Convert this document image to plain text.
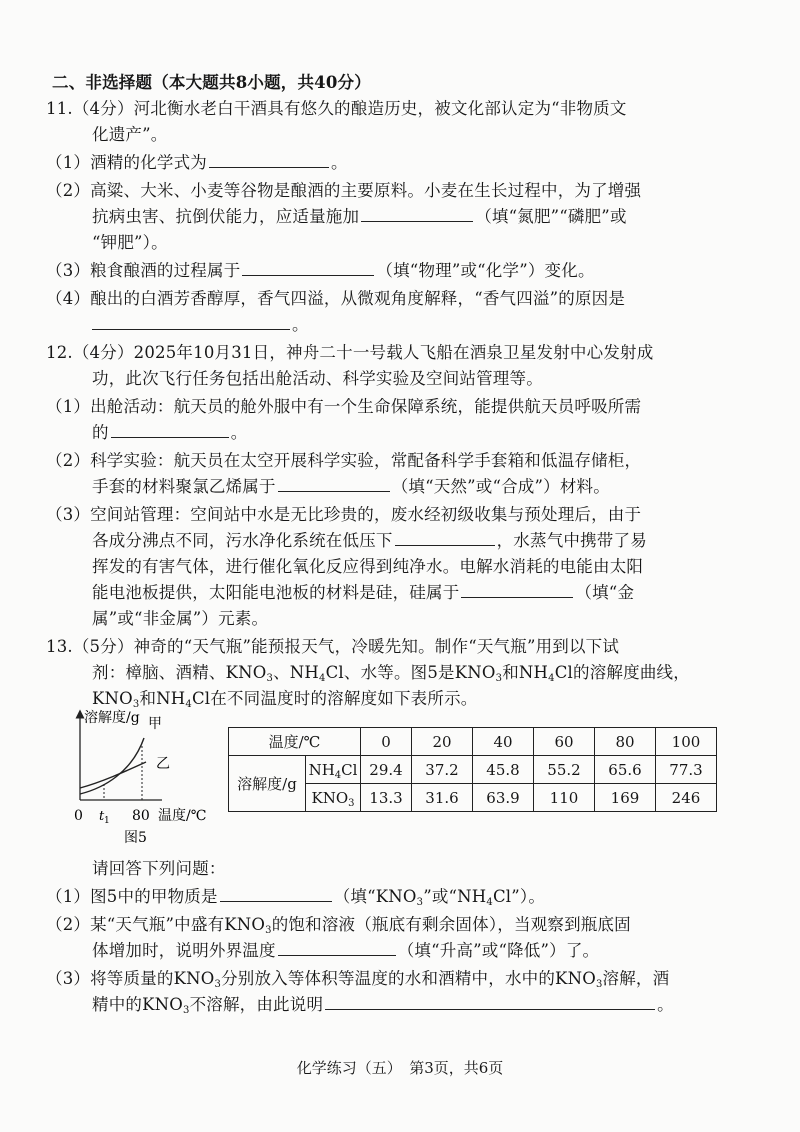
二、非选择题（本大题共8小题，共40分）
11.（4分）河北衡水老白干酒具有悠久的酿造历史，被文化部认定为“非物质文
化遗产”。
（1）酒精的化学式为	。
（2）高粱、大米、小麦等谷物是酿酒的主要原料。小麦在生长过程中，为了增强
抗病虫害、抗倒伏能力，应适量施加	（填“氮肥”“磷肥”或
“钾肥”）。
（3）粮食酿酒的过程属于	（填“物理”或“化学”）变化。
（4）酿出的白酒芳香醇厚，香气四溢，从微观角度解释，“香气四溢”的原因是
。
12.（4分）2025年10月31日，神舟二十一号载人飞船在酒泉卫星发射中心发射成
功，此次飞行任务包括出舱活动、科学实验及空间站管理等。
（1）出舱活动：航天员的舱外服中有一个生命保障系统，能提供航天员呼吸所需
的	。
（2）科学实验：航天员在太空开展科学实验，常配备科学手套箱和低温存储柜，
手套的材料聚氯乙烯属于	（填“天然”或“合成”）材料。
（3）空间站管理：空间站中水是无比珍贵的，废水经初级收集与预处理后，由于
各成分沸点不同，污水净化系统在低压下	，水蒸气中携带了易
挥发的有害气体，进行催化氧化反应得到纯净水。电解水消耗的电能由太阳
能电池板提供，太阳能电池板的材料是硅，硅属于	（填“金
属”或“非金属”）元素。
13.（5分）神奇的“天气瓶”能预报天气，冷暖先知。制作“天气瓶”用到以下试
剂：樟脑、酒精、$KNO_3$、$NH_4Cl$、水等。图5是$KNO_3$和$NH_4Cl$的溶解度曲线，
$KNO_3$和$NH_4Cl$在不同温度时的溶解度如下表所示。
溶解度/g 甲
乙
0 t 1 80 温度/℃
图5
温度/℃		0	20	40	60	80	100
溶解度/g	$NH_4Cl$	29.4	37.2	45.8	55.2	65.6	77.3
	$KNO_3$	13.3	31.6	63.9	110	169	246
请回答下列问题：
（1）图5中的甲物质是	（填“$KNO_3$”或“$NH_4Cl$”）。
（2）某“天气瓶”中盛有$KNO_3$的饱和溶液（瓶底有剩余固体），当观察到瓶底固
体增加时，说明外界温度	（填“升高”或“降低”）了。
（3）将等质量的$KNO_3$分别放入等体积等温度的水和酒精中，水中的$KNO_3$溶解，酒
精中的$KNO_3$不溶解，由此说明	。
化学练习（五）　第3页，共6页
